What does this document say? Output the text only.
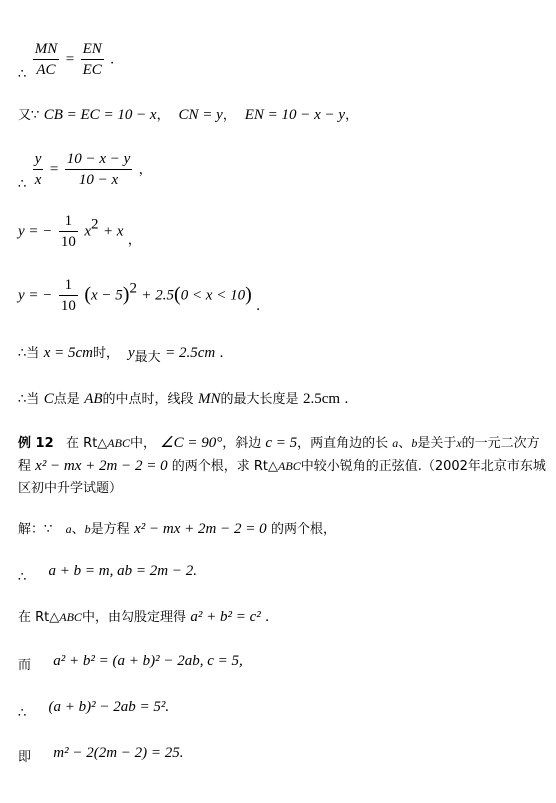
∴ $\frac{MN}{AC} = \frac{EN}{EC}$ .
又∵ CB = EC = 10 − x， CN = y， EN = 10 − x − y，
∴ $\frac{y}{x} = \frac{10 - x - y}{10 - x}$ ，
y = − $\frac{1}{10} x^2 + x$ ，
y = − $\frac{1}{10} (x - 5)^2 + 2.5(0 < x < 10)$ .
∴当 x = 5cm时， $y_{最大} = 2.5cm$ .
∴当 C点是 AB的中点时，线段 MN的最大长度是 2.5cm .
例 12 在 Rt△ABC中， ∠C = 90°，斜边 c = 5，两直角边的长 a、b是关于x的一元二次方程 x² − mx + 2m − 2 = 0 的两个根，求 Rt△ABC中较小锐角的正弦值.（2002年北京市东城区初中升学试题）
解：∵ a、b是方程 x² − mx + 2m − 2 = 0 的两个根，
∴ a + b = m, ab = 2m − 2.
在 Rt△ABC中，由勾股定理得 a² + b² = c² .
而 a² + b² = (a + b)² − 2ab, c = 5,
∴ (a + b)² − 2ab = 5².
即 m² − 2(2m − 2) = 25.
